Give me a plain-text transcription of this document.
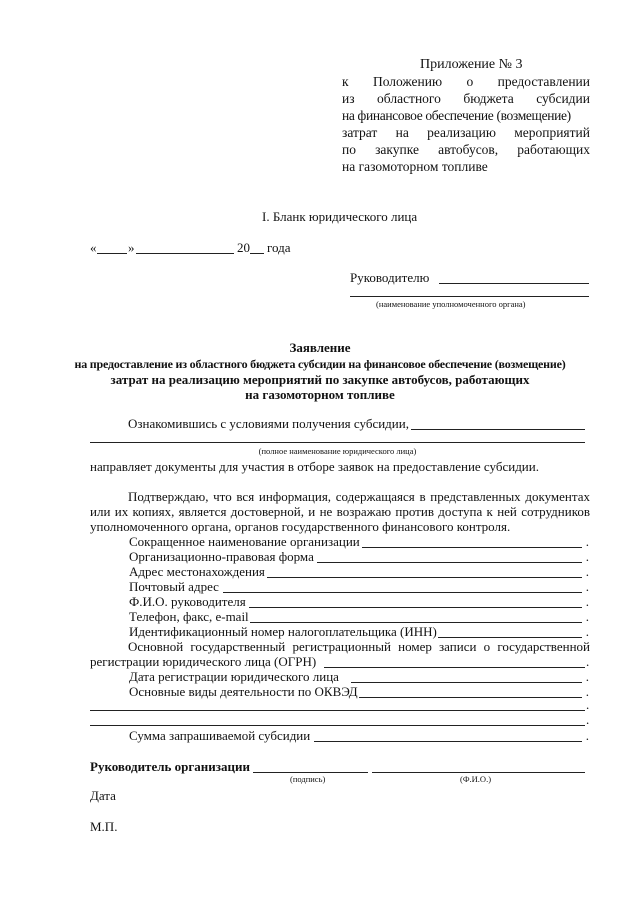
Приложение № 3
к Положению о предоставлении
из областного бюджета субсидии
на финансовое обеспечение (возмещение)
затрат на реализацию мероприятий
по закупке автобусов, работающих
на газомоторном топливе
I. Бланк юридического лица
« »	20 года
Руководителю
(наименование уполномоченного органа)
Заявление
на предоставление из областного бюджета субсидии на финансовое обеспечение (возмещение)
затрат на реализацию мероприятий по закупке автобусов, работающих
на газомоторном топливе
Ознакомившись с условиями получения субсидии,
(полное наименование юридического лица)
направляет документы для участия в отборе заявок на предоставление субсидии.
Подтверждаю, что вся информация, содержащаяся в представленных документах
или их копиях, является достоверной, и не возражаю против доступа к ней сотрудников
уполномоченного органа, органов государственного финансового контроля.
Сокращенное наименование организации	.
Организационно-правовая форма	.
Адрес местонахождения	.
Почтовый адрес	.
Ф.И.О. руководителя	.
Телефон, факс, e-mail	.
Идентификационный номер налогоплательщика (ИНН)	.
Основной государственный регистрационный номер записи о государственной
регистрации юридического лица (ОГРН)	.
Дата регистрации юридического лица	.
Основные виды деятельности по ОКВЭД	.
.
.
Сумма запрашиваемой субсидии	.
Руководитель организации
(подпись)	(Ф.И.О.)
Дата
М.П.
